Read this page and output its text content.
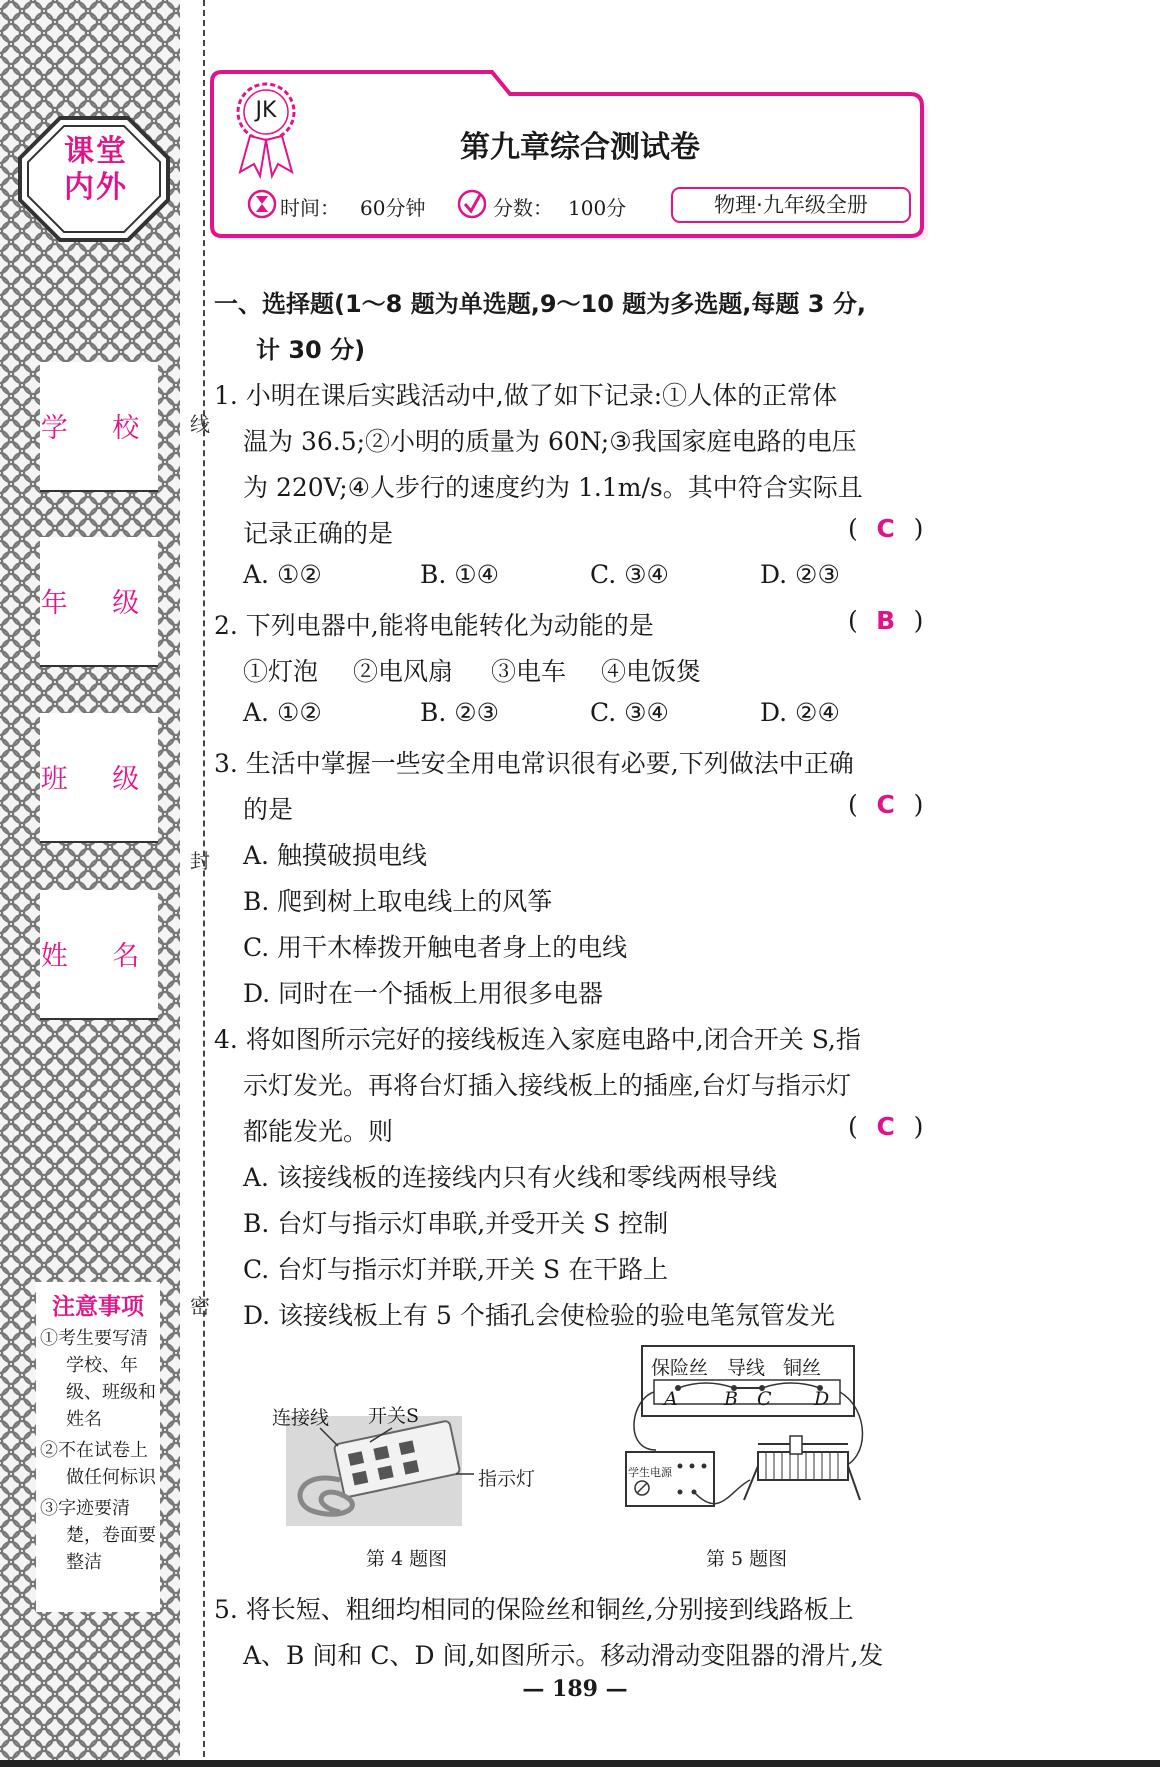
课堂内外
学 校
年 级
班 级
姓 名
注意事项
①考生要写清学校、年级、班级和姓名
②不在试卷上做任何标识
③字迹要清楚，卷面要整洁
线
封
密
JK
第九章综合测试卷
时间： 60分钟	分数： 100分	物理·九年级全册
一、选择题(1～8 题为单选题,9～10 题为多选题,每题 3 分,
计 30 分)
1. 小明在课后实践活动中,做了如下记录:①人体的正常体
温为 36.5;②小明的质量为 60N;③我国家庭电路的电压
为 220V;④人步行的速度约为 1.1m/s。其中符合实际且
记录正确的是	( C )
A. ①②	B. ①④	C. ③④	D. ②③
2. 下列电器中,能将电能转化为动能的是	( B )
①灯泡 ②电风扇 ③电车 ④电饭煲
A. ①②	B. ②③	C. ③④	D. ②④
3. 生活中掌握一些安全用电常识很有必要,下列做法中正确
的是	( C )
A. 触摸破损电线
B. 爬到树上取电线上的风筝
C. 用干木棒拨开触电者身上的电线
D. 同时在一个插板上用很多电器
4. 将如图所示完好的接线板连入家庭电路中,闭合开关 S,指
示灯发光。再将台灯插入接线板上的插座,台灯与指示灯
都能发光。则	( C )
A. 该接线板的连接线内只有火线和零线两根导线
B. 台灯与指示灯串联,并受开关 S 控制
C. 台灯与指示灯并联,开关 S 在干路上
D. 该接线板上有 5 个插孔会使检验的验电笔氖管发光
连接线 开关S
指示灯
第 4 题图
保险丝 导线 铜丝
A B C D
学生电源
第 5 题图
5. 将长短、粗细均相同的保险丝和铜丝,分别接到线路板上
A、B 间和 C、D 间,如图所示。移动滑动变阻器的滑片,发
— 189 —
